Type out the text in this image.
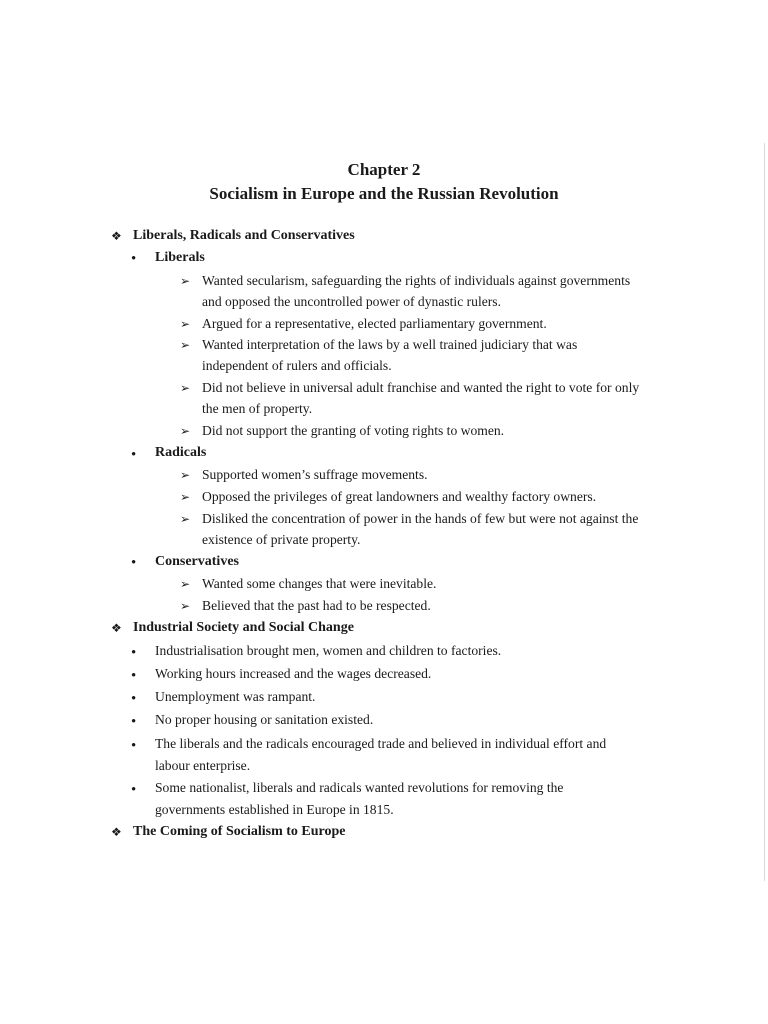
Chapter 2
Socialism in Europe and the Russian Revolution
❖ Liberals, Radicals and Conservatives
• Liberals
➢ Wanted secularism, safeguarding the rights of individuals against governments
and opposed the uncontrolled power of dynastic rulers.
➢ Argued for a representative, elected parliamentary government.
➢ Wanted interpretation of the laws by a well trained judiciary that was
independent of rulers and officials.
➢ Did not believe in universal adult franchise and wanted the right to vote for only
the men of property.
➢ Did not support the granting of voting rights to women.
• Radicals
➢ Supported women’s suffrage movements.
➢ Opposed the privileges of great landowners and wealthy factory owners.
➢ Disliked the concentration of power in the hands of few but were not against the
existence of private property.
• Conservatives
➢ Wanted some changes that were inevitable.
➢ Believed that the past had to be respected.
❖ Industrial Society and Social Change
• Industrialisation brought men, women and children to factories.
• Working hours increased and the wages decreased.
• Unemployment was rampant.
• No proper housing or sanitation existed.
• The liberals and the radicals encouraged trade and believed in individual effort and
labour enterprise.
• Some nationalist, liberals and radicals wanted revolutions for removing the
governments established in Europe in 1815.
❖ The Coming of Socialism to Europe
